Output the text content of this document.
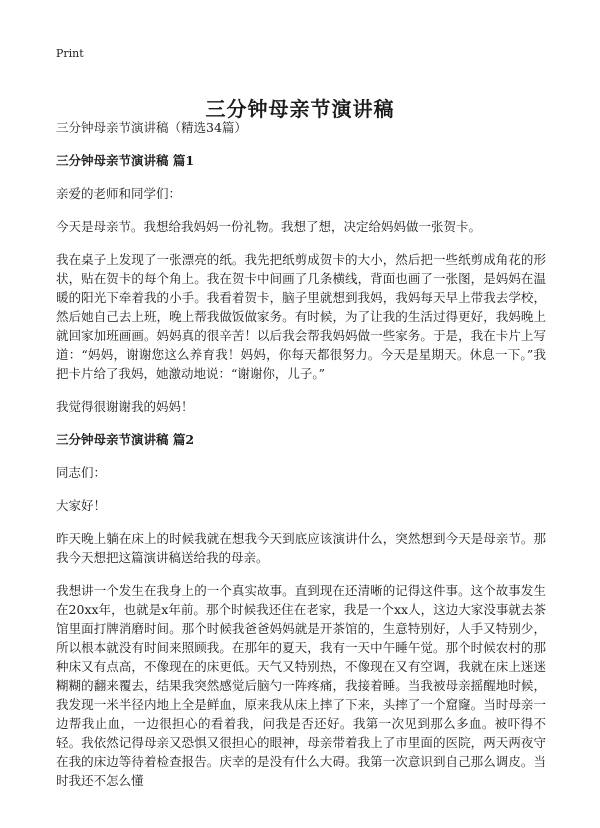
Print
三分钟母亲节演讲稿

三分钟母亲节演讲稿（精选34篇）

三分钟母亲节演讲稿 篇1

亲爱的老师和同学们：

今天是母亲节。我想给我妈妈一份礼物。我想了想，决定给妈妈做一张贺卡。

我在桌子上发现了一张漂亮的纸。我先把纸剪成贺卡的大小，然后把一些纸剪成角花的形状，贴在贺卡的每个角上。我在贺卡中间画了几条横线，背面也画了一张图，是妈妈在温暖的阳光下牵着我的小手。我看着贺卡，脑子里就想到我妈，我妈每天早上带我去学校，然后她自己去上班，晚上帮我做饭做家务。有时候，为了让我的生活过得更好，我妈晚上就回家加班画画。妈妈真的很辛苦！以后我会帮我妈妈做一些家务。于是，我在卡片上写道：“妈妈，谢谢您这么养育我！妈妈，你每天都很努力。今天是星期天。休息一下。”我把卡片给了我妈，她激动地说：“谢谢你，儿子。”

我觉得很谢谢我的妈妈！

三分钟母亲节演讲稿 篇2

同志们：

大家好！

昨天晚上躺在床上的时候我就在想我今天到底应该演讲什么，突然想到今天是母亲节。那我今天想把这篇演讲稿送给我的母亲。

我想讲一个发生在我身上的一个真实故事。直到现在还清晰的记得这件事。这个故事发生在20xx年，也就是x年前。那个时候我还住在老家，我是一个xx人，这边大家没事就去茶馆里面打牌消磨时间。那个时候我爸爸妈妈就是开茶馆的，生意特别好，人手又特别少，所以根本就没有时间来照顾我。在那年的夏天，我有一天中午睡午觉。那个时候农村的那种床又有点高，不像现在的床更低。天气又特别热，不像现在又有空调，我就在床上迷迷糊糊的翻来覆去，结果我突然感觉后脑勺一阵疼痛，我接着睡。当我被母亲摇醒地时候，我发现一米半径内地上全是鲜血，原来我从床上摔了下来，头摔了一个窟窿。当时母亲一边帮我止血，一边很担心的看着我，问我是否还好。我第一次见到那么多血。被吓得不轻。我依然记得母亲又恐惧又很担心的眼神，母亲带着我上了市里面的医院，两天两夜守在我的床边等待着检查报告。庆幸的是没有什么大碍。我第一次意识到自己那么调皮。当时我还不怎么懂
